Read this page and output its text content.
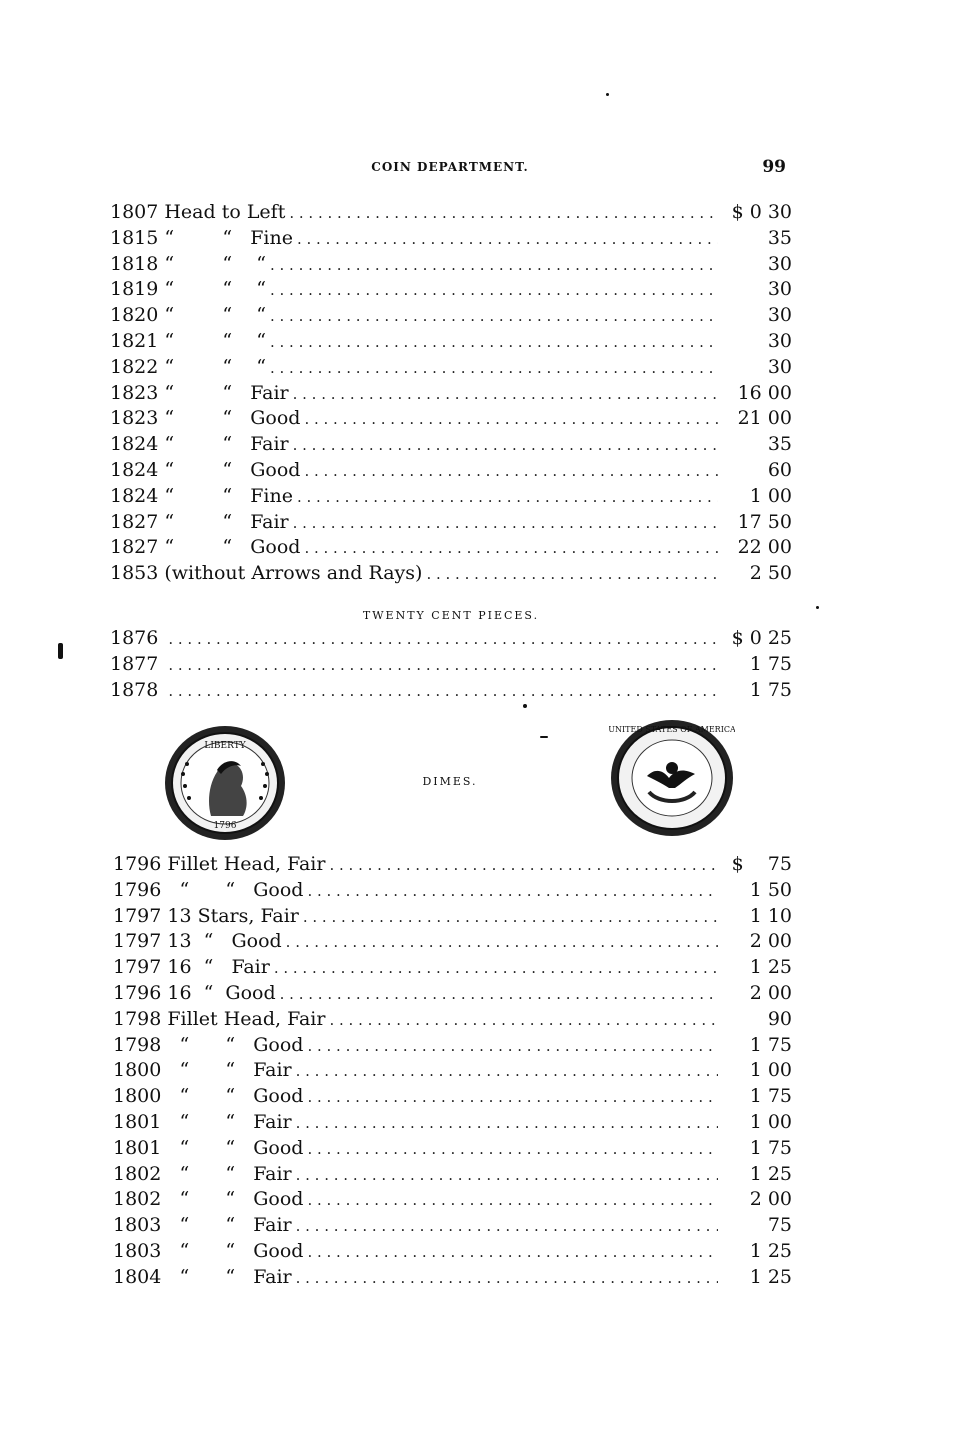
COIN DEPARTMENT.	99
1807 Head to Left . . .	$ 0 30
1815 “        “   Fine . . .	35
1818 “        “    “ . . .	30
1819 “        “    “ . . .	30
1820 “        “    “ . . .	30
1821 “        “    “ . . .	30
1822 “        “    “ . . .	30
1823 “        “   Fair . . .	16 00
1823 “        “   Good . . .	21 00
1824 “        “   Fair . . .	35
1824 “        “   Good . . .	60
1824 “        “   Fine . . .	1 00
1827 “        “   Fair . . .	17 50
1827 “        “   Good . . .	22 00
1853 (without Arrows and Rays) . . .	2 50
TWENTY CENT PIECES.
1876 . . .	$ 0 25
1877 . . .	1 75
1878 . . .	1 75
LIBERTY
1796
DIMES.
UNITED STATES OF AMERICA
1796 Fillet Head, Fair . . .	$    75
1796 “      “   Good . . .	1 50
1797 13 Stars, Fair . . .	1 10
1797 13  “   Good . . .	2 00
1797 16  “   Fair . . .	1 25
1796 16  “  Good . . .	2 00
1798 Fillet Head, Fair . . .	90
1798 “      “   Good . . .	1 75
1800 “      “   Fair . . .	1 00
1800 “      “   Good . . .	1 75
1801 “      “   Fair . . .	1 00
1801 “      “   Good . . .	1 75
1802 “      “   Fair . . .	1 25
1802 “      “   Good . . .	2 00
1803 “      “   Fair . . .	75
1803 “      “   Good . . .	1 25
1804 “      “   Fair . . .	1 25
